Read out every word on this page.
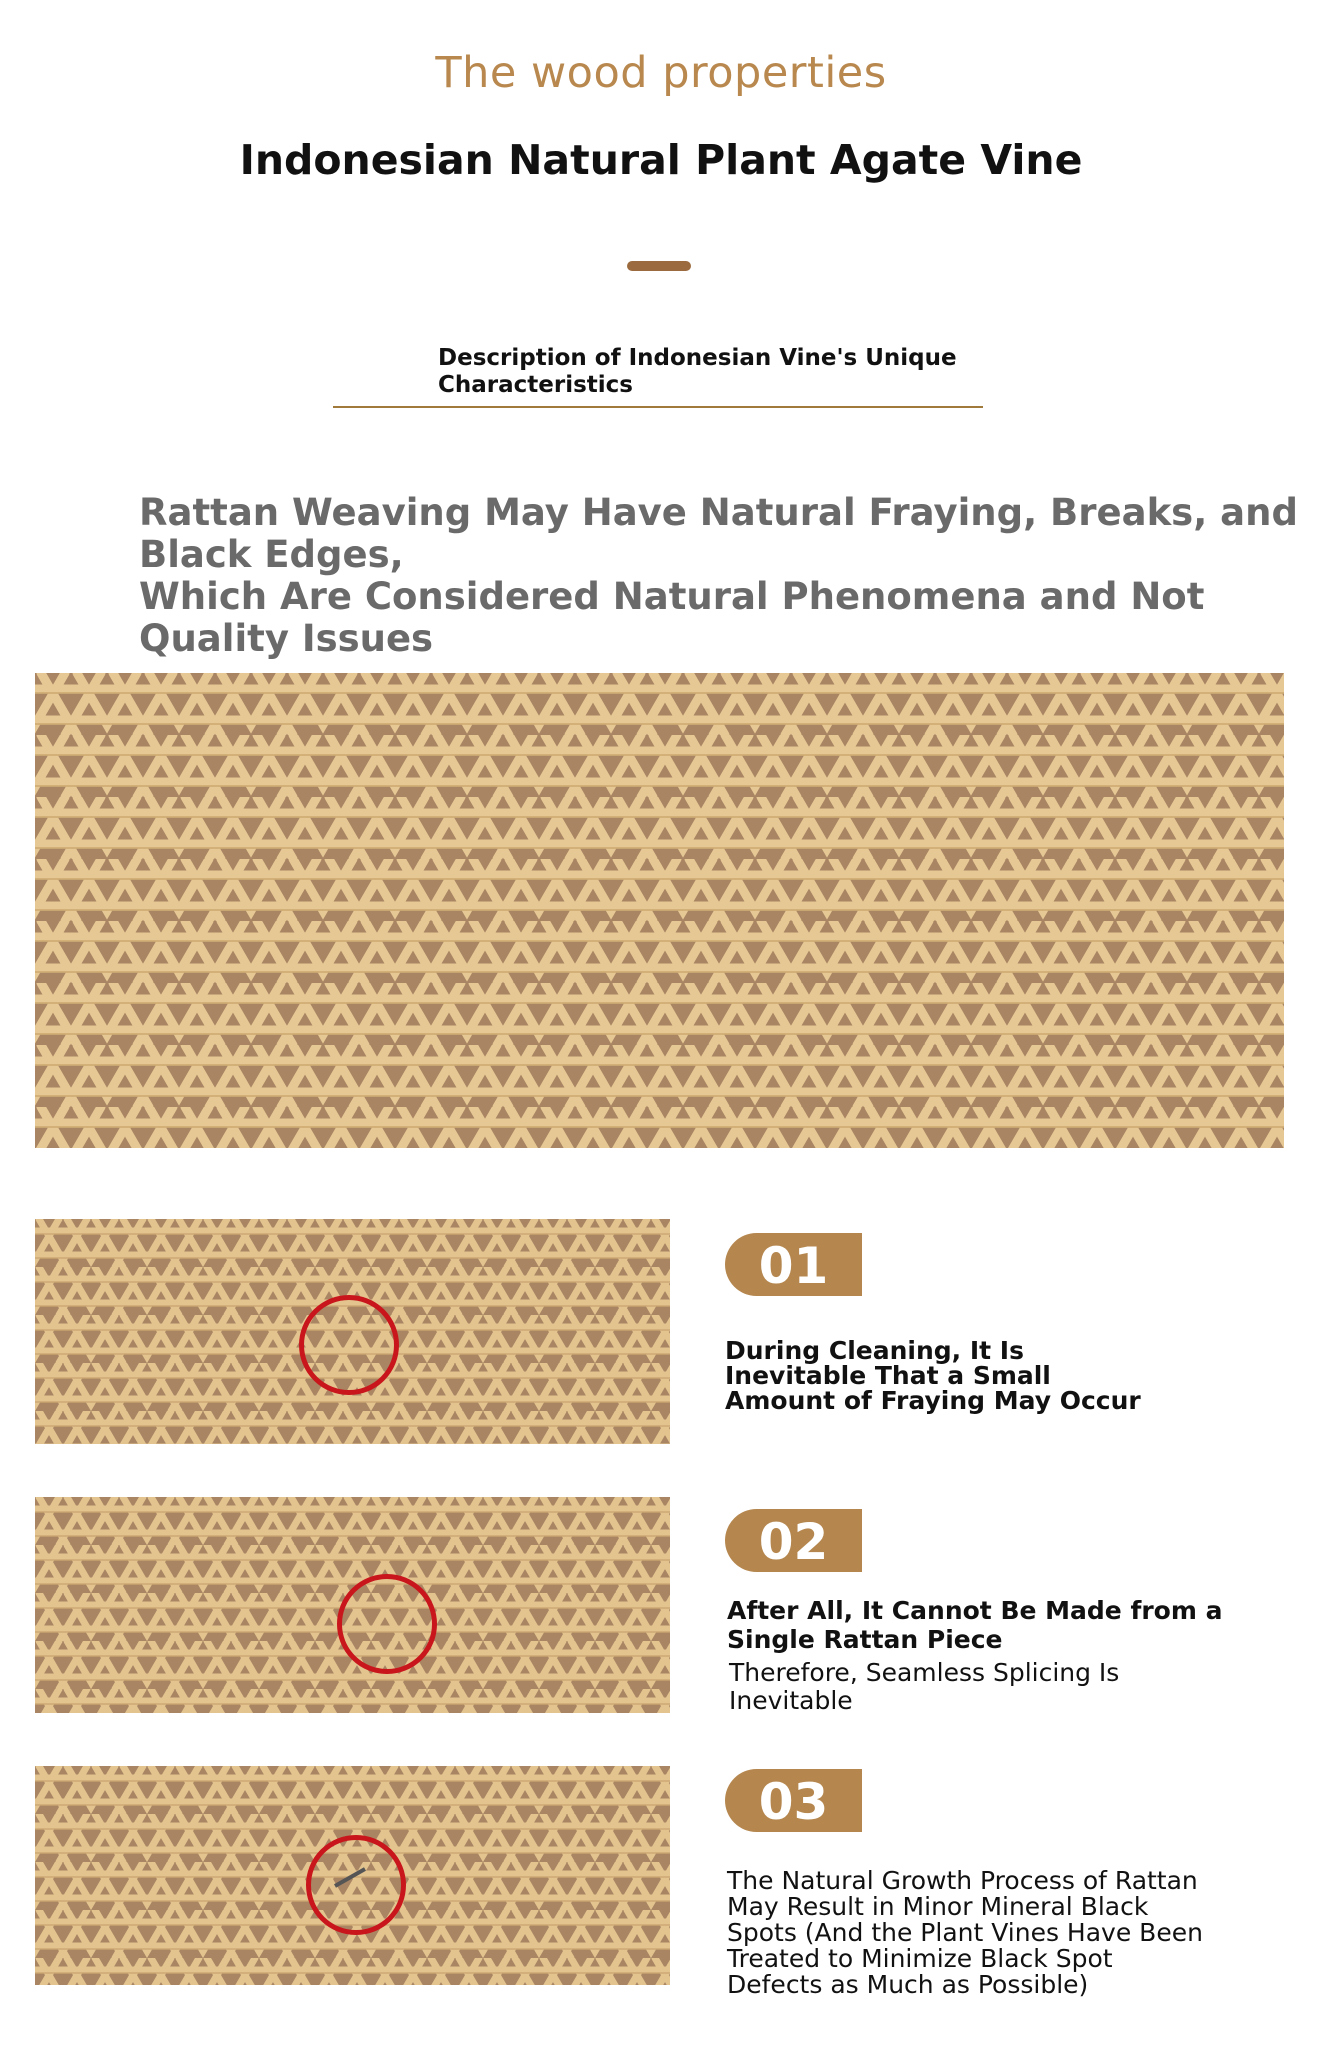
The wood properties
Indonesian Natural Plant Agate Vine
Description of Indonesian Vine's Unique
Characteristics
Rattan Weaving May Have Natural Fraying, Breaks, and Black Edges,
Which Are Considered Natural Phenomena and Not Quality Issues
01
During Cleaning, It Is
Inevitable That a Small
Amount of Fraying May Occur
02
After All, It Cannot Be Made from a
Single Rattan Piece
Therefore, Seamless Splicing Is
Inevitable
03
The Natural Growth Process of Rattan
May Result in Minor Mineral Black
Spots (And the Plant Vines Have Been
Treated to Minimize Black Spot
Defects as Much as Possible)
